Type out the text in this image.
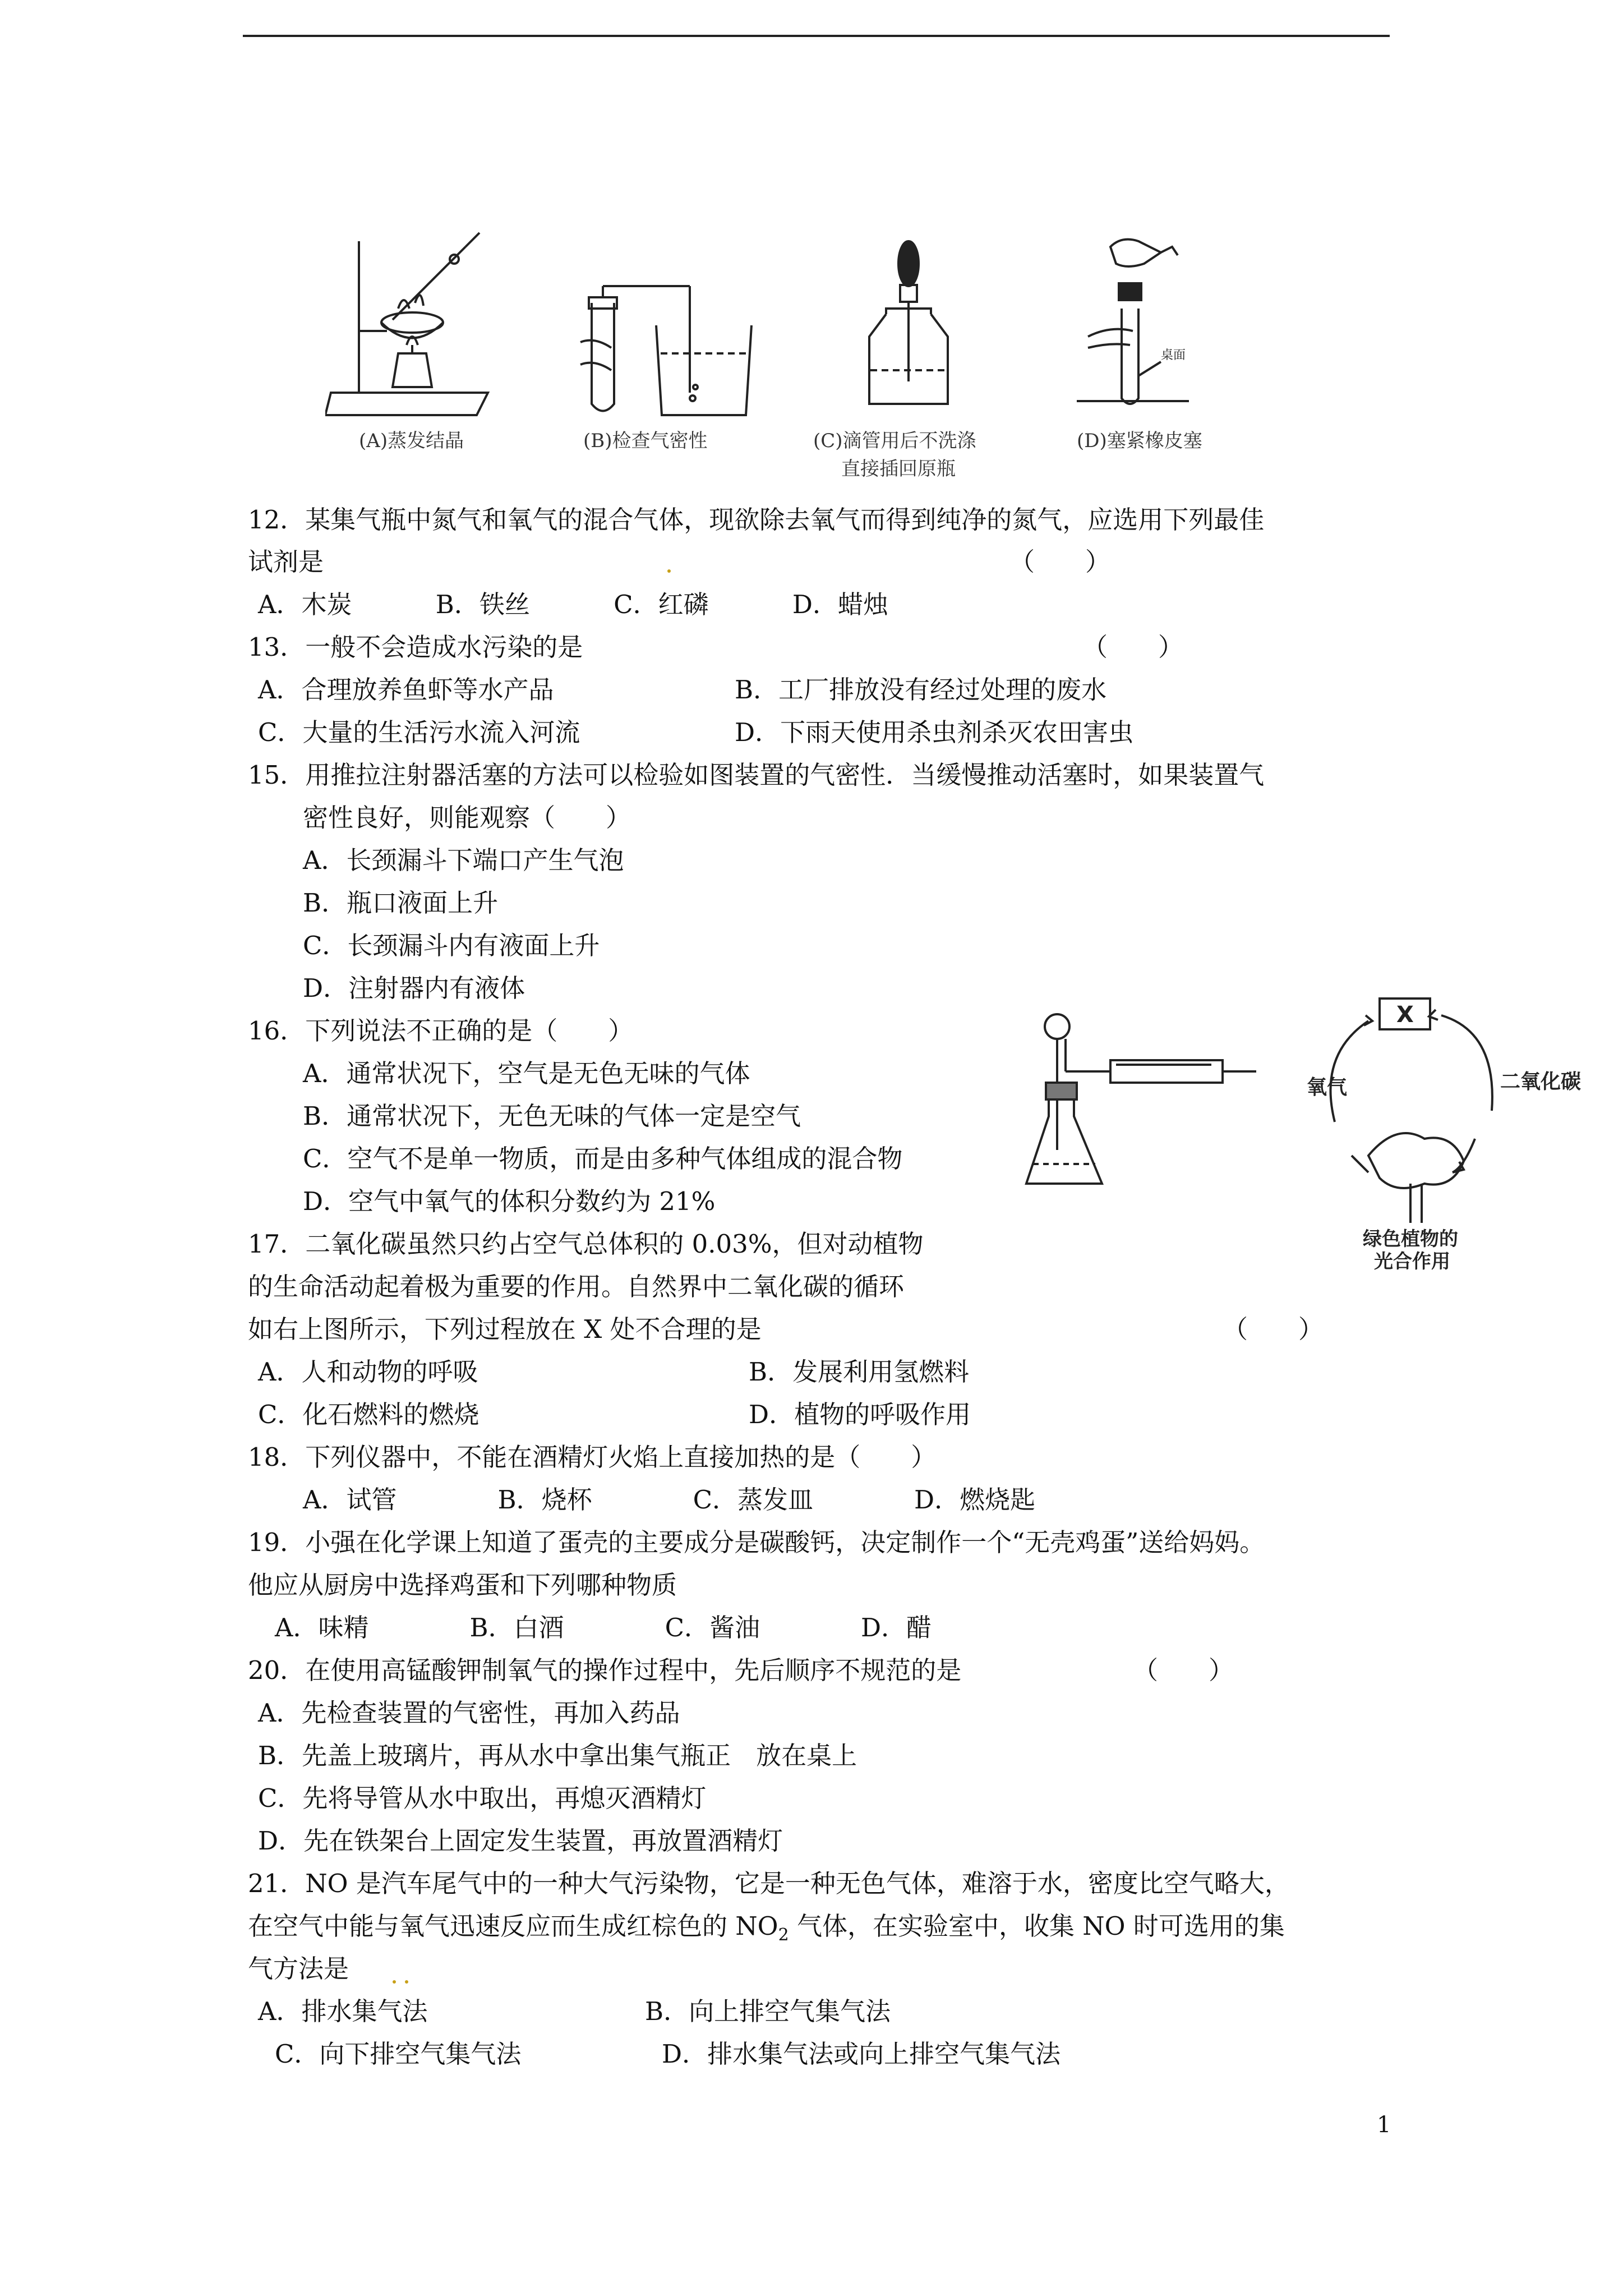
(A)蒸发结晶	(B)检查气密性	(C)滴管用后不洗涤
直接插回原瓶
桌面
(D)塞紧橡皮塞
12．某集气瓶中氮气和氧气的混合气体，现欲除去氧气而得到纯净的氮气，应选用下列最佳
试剂是	（　　）
A．木炭　　　 B．铁丝　　　 C．红磷　　　 D．蜡烛
13．一般不会造成水污染的是	（　　）
A．合理放养鱼虾等水产品	B．工厂排放没有经过处理的废水
C．大量的生活污水流入河流	D．下雨天使用杀虫剂杀灭农田害虫
15．用推拉注射器活塞的方法可以检验如图装置的气密性．当缓慢推动活塞时，如果装置气
密性良好，则能观察（　　）
A．长颈漏斗下端口产生气泡
B．瓶口液面上升
C．长颈漏斗内有液面上升
D．注射器内有液体
16．下列说法不正确的是（　　）
A．通常状况下，空气是无色无味的气体
B．通常状况下，无色无味的气体一定是空气
C．空气不是单一物质，而是由多种气体组成的混合物
D．空气中氧气的体积分数约为 21%
X
氧气	二氧化碳
绿色植物的
光合作用
17．二氧化碳虽然只约占空气总体积的 0.03%，但对动植物
的生命活动起着极为重要的作用。自然界中二氧化碳的循环
如右上图所示，下列过程放在 X 处不合理的是	（　　）
A．人和动物的呼吸	B．发展利用氢燃料
C．化石燃料的燃烧	D．植物的呼吸作用
18．下列仪器中，不能在酒精灯火焰上直接加热的是（　　）
A．试管　　　　B．烧杯　　　　C．蒸发皿　　　　D．燃烧匙
19．小强在化学课上知道了蛋壳的主要成分是碳酸钙，决定制作一个“无壳鸡蛋”送给妈妈。
他应从厨房中选择鸡蛋和下列哪种物质
A．味精　　　　B．白酒　　　　C．酱油　　　　D．醋
20．在使用高锰酸钾制氧气的操作过程中，先后顺序不规范的是	（　　）
A．先检查装置的气密性，再加入药品
B．先盖上玻璃片，再从水中拿出集气瓶正　放在桌上
C．先将导管从水中取出，再熄灭酒精灯
D．先在铁架台上固定发生装置，再放置酒精灯
21．NO 是汽车尾气中的一种大气污染物，它是一种无色气体，难溶于水，密度比空气略大，
在空气中能与氧气迅速反应而生成红棕色的 $NO_2$ 气体，在实验室中，收集 NO 时可选用的集
气方法是
A．排水集气法	B．向上排空气集气法
C．向下排空气集气法	D．排水集气法或向上排空气集气法
1
